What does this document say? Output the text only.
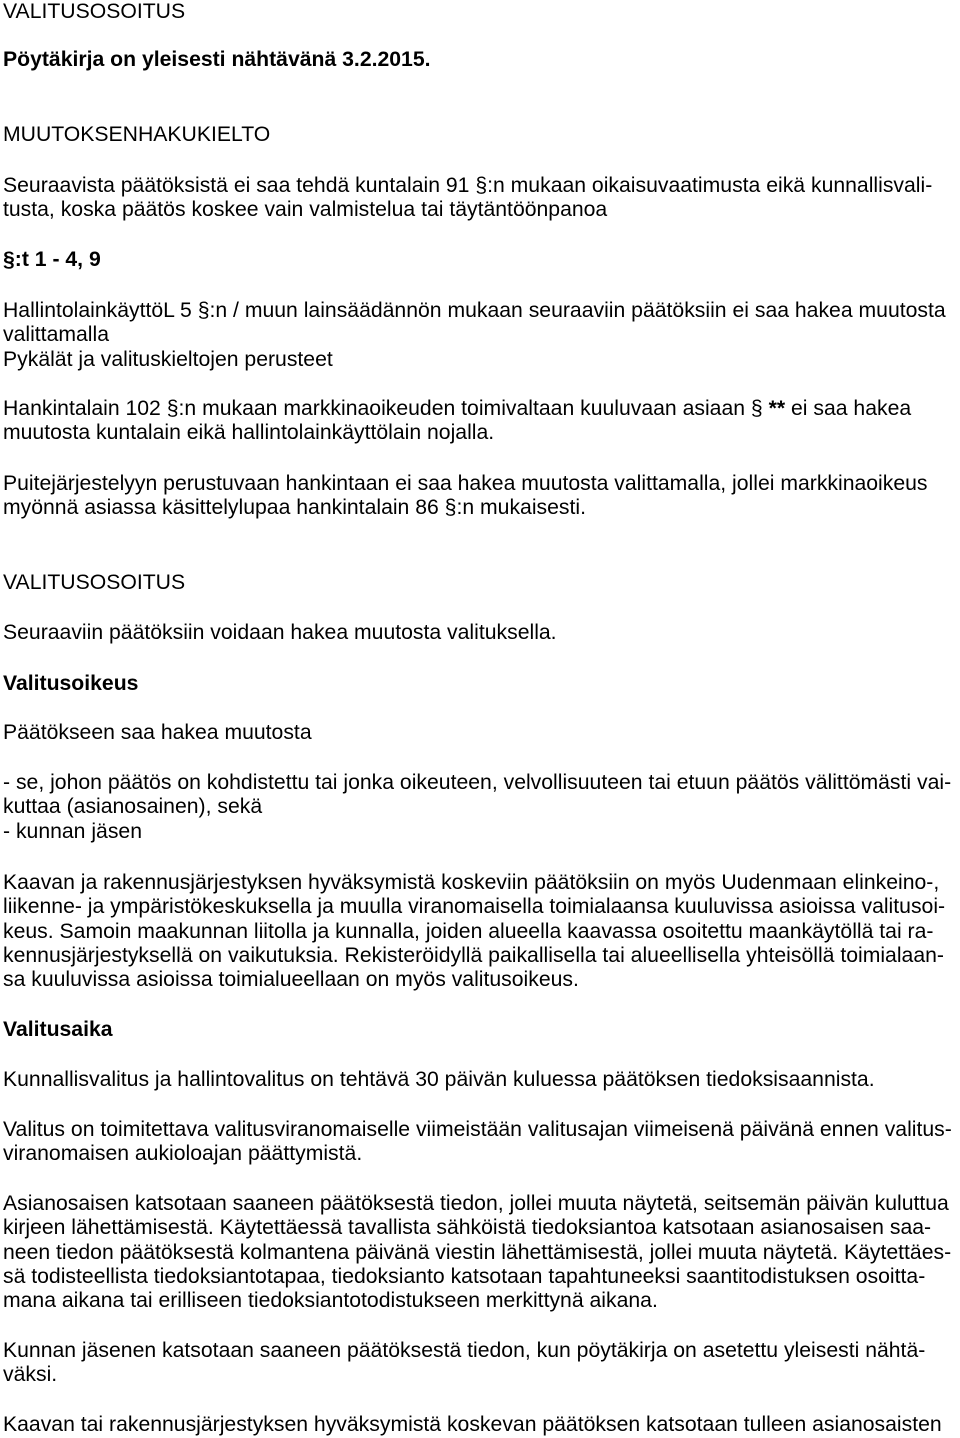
VALITUSOSOITUS
Pöytäkirja on yleisesti nähtävänä 3.2.2015.
MUUTOKSENHAKUKIELTO
Seuraavista päätöksistä ei saa tehdä kuntalain 91 §:n mukaan oikaisuvaatimusta eikä kunnallisvali-
tusta, koska päätös koskee vain valmistelua tai täytäntöönpanoa
§:t 1 - 4, 9
HallintolainkäyttöL 5 §:n / muun lainsäädännön mukaan seuraaviin päätöksiin ei saa hakea muutosta
valittamalla
Pykälät ja valituskieltojen perusteet
Hankintalain 102 §:n mukaan markkinaoikeuden toimivaltaan kuuluvaan asiaan § ** ei saa hakea
muutosta kuntalain eikä hallintolainkäyttölain nojalla.
Puitejärjestelyyn perustuvaan hankintaan ei saa hakea muutosta valittamalla, jollei markkinaoikeus
myönnä asiassa käsittelylupaa hankintalain 86 §:n mukaisesti.
VALITUSOSOITUS
Seuraaviin päätöksiin voidaan hakea muutosta valituksella.
Valitusoikeus
Päätökseen saa hakea muutosta
- se, johon päätös on kohdistettu tai jonka oikeuteen, velvollisuuteen tai etuun päätös välittömästi vai-
kuttaa (asianosainen), sekä
- kunnan jäsen
Kaavan ja rakennusjärjestyksen hyväksymistä koskeviin päätöksiin on myös Uudenmaan elinkeino-,
liikenne- ja ympäristökeskuksella ja muulla viranomaisella toimialaansa kuuluvissa asioissa valitusoi-
keus. Samoin maakunnan liitolla ja kunnalla, joiden alueella kaavassa osoitettu maankäytöllä tai ra-
kennusjärjestyksellä on vaikutuksia. Rekisteröidyllä paikallisella tai alueellisella yhteisöllä toimialaan-
sa kuuluvissa asioissa toimialueellaan on myös valitusoikeus.
Valitusaika
Kunnallisvalitus ja hallintovalitus on tehtävä 30 päivän kuluessa päätöksen tiedoksisaannista.
Valitus on toimitettava valitusviranomaiselle viimeistään valitusajan viimeisenä päivänä ennen valitus-
viranomaisen aukioloajan päättymistä.
Asianosaisen katsotaan saaneen päätöksestä tiedon, jollei muuta näytetä, seitsemän päivän kuluttua
kirjeen lähettämisestä. Käytettäessä tavallista sähköistä tiedoksiantoa katsotaan asianosaisen saa-
neen tiedon päätöksestä kolmantena päivänä viestin lähettämisestä, jollei muuta näytetä. Käytettäes-
sä todisteellista tiedoksiantotapaa, tiedoksianto katsotaan tapahtuneeksi saantitodistuksen osoitta-
mana aikana tai erilliseen tiedoksiantotodistukseen merkittynä aikana.
Kunnan jäsenen katsotaan saaneen päätöksestä tiedon, kun pöytäkirja on asetettu yleisesti nähtä-
väksi.
Kaavan tai rakennusjärjestyksen hyväksymistä koskevan päätöksen katsotaan tulleen asianosaisten
